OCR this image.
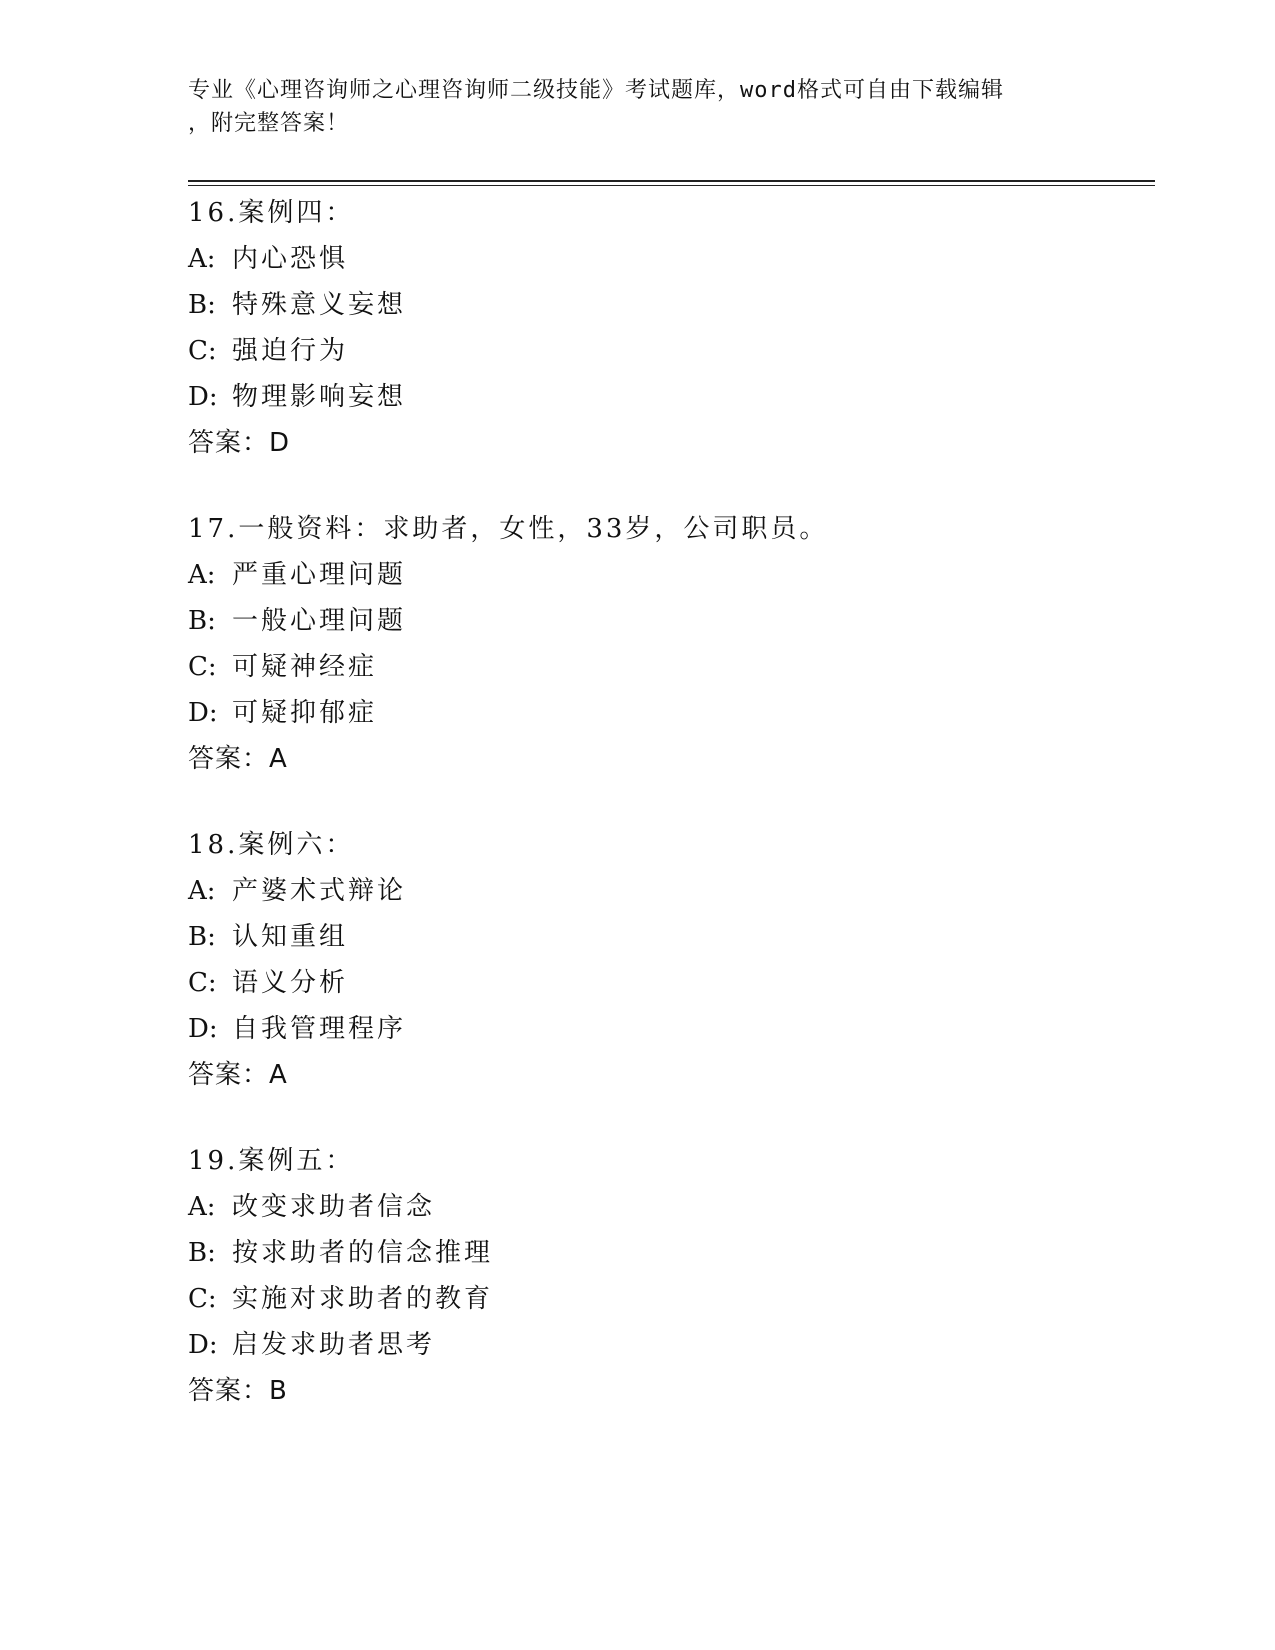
专业《心理咨询师之心理咨询师二级技能》考试题库，word格式可自由下载编辑
，附完整答案！
16.案例四：
A: 内心恐惧
B: 特殊意义妄想
C: 强迫行为
D: 物理影响妄想
答案：D
17.一般资料：求助者，女性，33岁，公司职员。
A: 严重心理问题
B: 一般心理问题
C: 可疑神经症
D: 可疑抑郁症
答案：A
18.案例六：
A: 产婆术式辩论
B: 认知重组
C: 语义分析
D: 自我管理程序
答案：A
19.案例五：
A: 改变求助者信念
B: 按求助者的信念推理
C: 实施对求助者的教育
D: 启发求助者思考
答案：B
